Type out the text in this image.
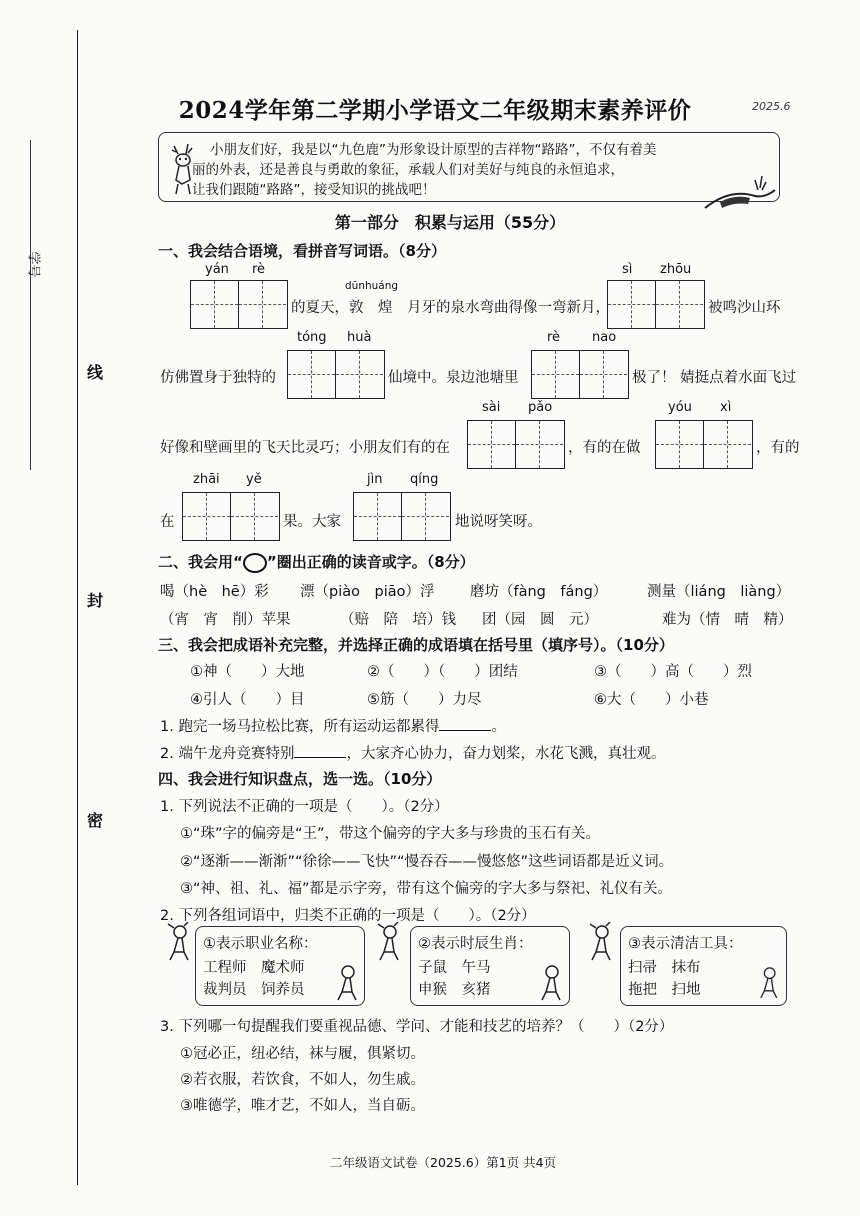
学号
线
封
密
2024学年第二学期小学语文二年级期末素养评价	2025.6
小朋友们好，我是以“九色鹿”为形象设计原型的吉祥物“路路”，不仅有着美
丽的外表，还是善良与勇敢的象征，承载人们对美好与纯良的永恒追求，
让我们跟随“路路”，接受知识的挑战吧！
第一部分　积累与运用（55分）
一、我会结合语境，看拼音写词语。（8分）
yán rè
dūnhuáng
的夏天，敦　煌　月牙的泉水弯曲得像一弯新月，
sì zhōu
被鸣沙山环
tóng huà
仿佛置身于独特的	仙境中。泉边池塘里
rè nao
极了！ 婧挺点着水面飞过
sài pǎo	yóu xì
好像和壁画里的飞天比灵巧；小朋友们有的在	，有的在做	，有的
zhāi yě	jìn qíng
在	果。大家	地说呀笑呀。
二、我会用“ ”圈出正确的读音或字。（8分）
喝（hè　hē）彩 漂（piào　piāo）浮 磨坊（fàng　fáng）	测量（liáng　liàng）
（宵　宵　削）苹果	（赔　陪　培）钱 团（园　圆　元）	难为（情　晴　精）
三、我会把成语补充完整，并选择正确的成语填在括号里（填序号）。（10分）
①神（　　）大地	②（　　）（　　）团结	③（　　）高（　　）烈
④引人（　　）目	⑤筋（　　）力尽	⑥大（　　）小巷
1. 跑完一场马拉松比赛，所有运动运都累得	。
2. 端午龙舟竞赛特别	，大家齐心协力，奋力划桨，水花飞溅，真壮观。
四、我会进行知识盘点，选一选。（10分）
1. 下列说法不正确的一项是（　　）。（2分）
①“珠”字的偏旁是“王”，带这个偏旁的字大多与珍贵的玉石有关。
②“逐渐——渐渐”“徐徐——飞快”“慢吞吞——慢悠悠”这些词语都是近义词。
③“神、祖、礼、福”都是示字旁，带有这个偏旁的字大多与祭祀、礼仪有关。
2. 下列各组词语中，归类不正确的一项是（　　）。（2分）
①表示职业名称：
工程师　魔术师
裁判员　饲养员
②表示时辰生肖：
子鼠　午马
申猴　亥猪
③表示清洁工具：
扫帚　抹布
拖把　扫地
3. 下列哪一句提醒我们要重视品德、学问、才能和技艺的培养？（　　）（2分）
①冠必正，纽必结，袜与履，俱紧切。
②若衣服，若饮食，不如人，勿生戚。
③唯德学，唯才艺，不如人，当自砺。
二年级语文试卷（2025.6）第1页 共4页
